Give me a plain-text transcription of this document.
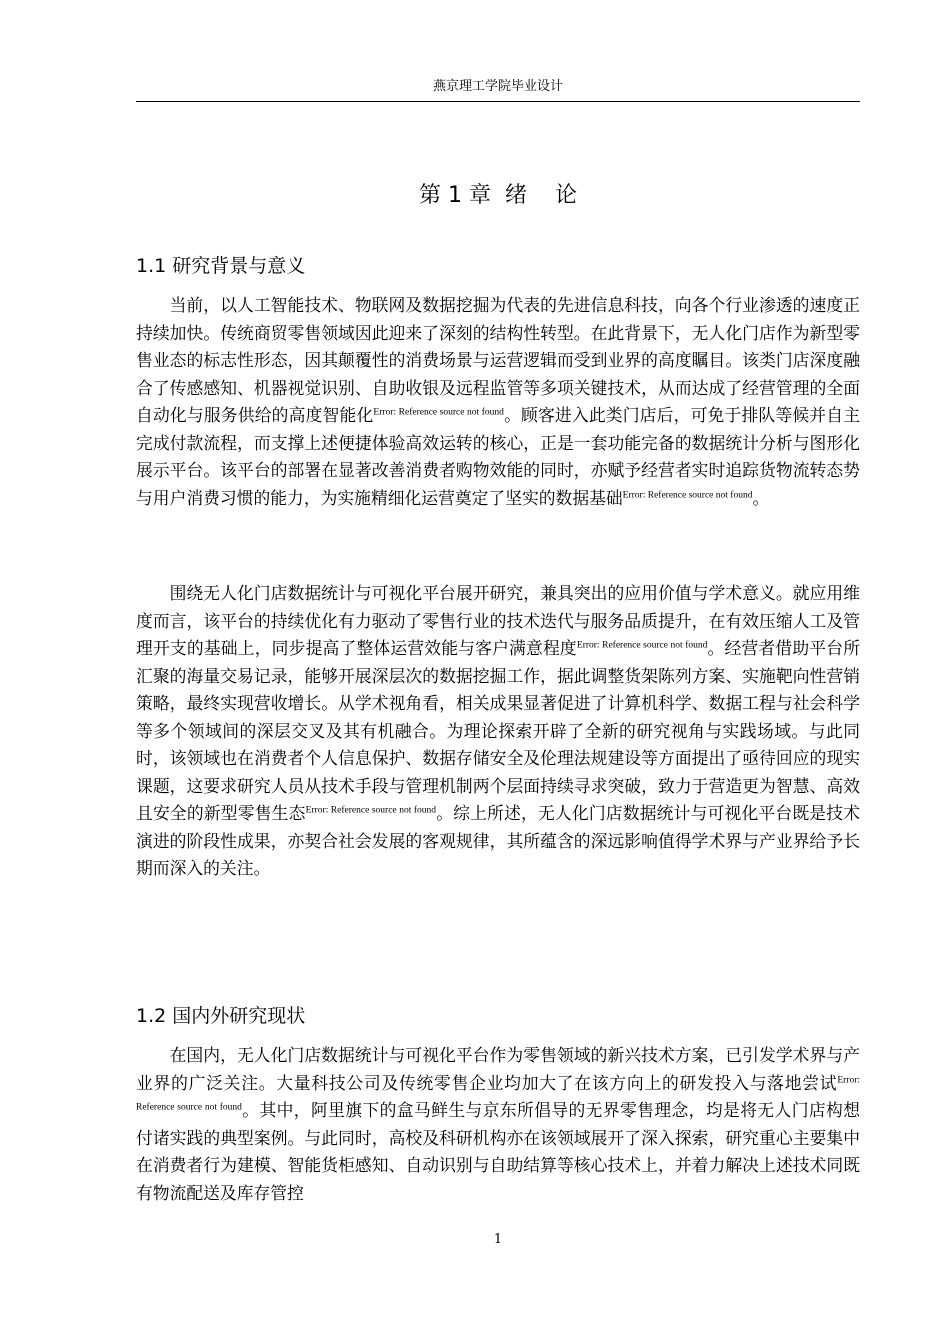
燕京理工学院毕业设计
第 1 章  绪    论
1.1 研究背景与意义

当前，以人工智能技术、物联网及数据挖掘为代表的先进信息科技，向各个行业渗透的速度正持续加快。传统商贸零售领域因此迎来了深刻的结构性转型。在此背景下，无人化门店作为新型零售业态的标志性形态，因其颠覆性的消费场景与运营逻辑而受到业界的高度瞩目。该类门店深度融合了传感感知、机器视觉识别、自助收银及远程监管等多项关键技术，从而达成了经营管理的全面自动化与服务供给的高度智能化$^{Error: Reference source not found}$。顾客进入此类门店后，可免于排队等候并自主完成付款流程，而支撑上述便捷体验高效运转的核心，正是一套功能完备的数据统计分析与图形化展示平台。该平台的部署在显著改善消费者购物效能的同时，亦赋予经营者实时追踪货物流转态势与用户消费习惯的能力，为实施精细化运营奠定了坚实的数据基础$^{Error: Reference source not found}$。

围绕无人化门店数据统计与可视化平台展开研究，兼具突出的应用价值与学术意义。就应用维度而言，该平台的持续优化有力驱动了零售行业的技术迭代与服务品质提升，在有效压缩人工及管理开支的基础上，同步提高了整体运营效能与客户满意程度$^{Error: Reference source not found}$。经营者借助平台所汇聚的海量交易记录，能够开展深层次的数据挖掘工作，据此调整货架陈列方案、实施靶向性营销策略，最终实现营收增长。从学术视角看，相关成果显著促进了计算机科学、数据工程与社会科学等多个领域间的深层交叉及其有机融合。为理论探索开辟了全新的研究视角与实践场域。与此同时，该领域也在消费者个人信息保护、数据存储安全及伦理法规建设等方面提出了亟待回应的现实课题，这要求研究人员从技术手段与管理机制两个层面持续寻求突破，致力于营造更为智慧、高效且安全的新型零售生态$^{Error: Reference source not found}$。综上所述，无人化门店数据统计与可视化平台既是技术演进的阶段性成果，亦契合社会发展的客观规律，其所蕴含的深远影响值得学术界与产业界给予长期而深入的关注。

1.2 国内外研究现状

在国内，无人化门店数据统计与可视化平台作为零售领域的新兴技术方案，已引发学术界与产业界的广泛关注。大量科技公司及传统零售企业均加大了在该方向上的研发投入与落地尝试$^{Error: Reference source not found}$。其中，阿里旗下的盒马鲜生与京东所倡导的无界零售理念，均是将无人门店构想付诸实践的典型案例。与此同时，高校及科研机构亦在该领域展开了深入探索，研究重心主要集中在消费者行为建模、智能货柜感知、自动识别与自助结算等核心技术上，并着力解决上述技术同既有物流配送及库存管控

1
